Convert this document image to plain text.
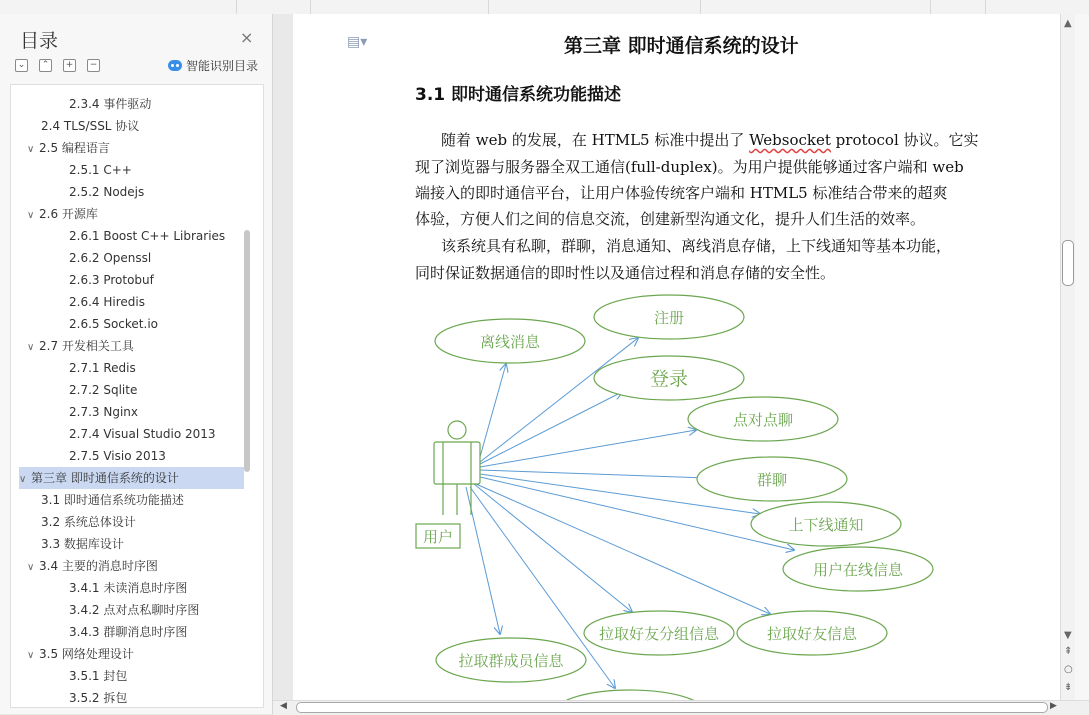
目录	×
⌄	⌃	+	−	智能识别目录
2.3.4 事件驱动
2.4 TLS/SSL 协议
∨ 2.5 编程语言
2.5.1 C++
2.5.2 Nodejs
∨ 2.6 开源库
2.6.1 Boost C++ Libraries
2.6.2 Openssl
2.6.3 Protobuf
2.6.4 Hiredis
2.6.5 Socket.io
∨ 2.7 开发相关工具
2.7.1 Redis
2.7.2 Sqlite
2.7.3 Nginx
2.7.4 Visual Studio 2013
2.7.5 Visio 2013
∨ 第三章 即时通信系统的设计
3.1 即时通信系统功能描述
3.2 系统总体设计
3.3 数据库设计
∨ 3.4 主要的消息时序图
3.4.1 未读消息时序图
3.4.2 点对点私聊时序图
3.4.3 群聊消息时序图
∨ 3.5 网络处理设计
3.5.1 封包
3.5.2 拆包
▤▾	第三章 即时通信系统的设计
3.1 即时通信系统功能描述
随着 web 的发展，在 HTML5 标准中提出了 Websocket protocol 协议。它实
现了浏览器与服务器全双工通信(full-duplex)。为用户提供能够通过客户端和 web
端接入的即时通信平台，让用户体验传统客户端和 HTML5 标准结合带来的超爽
体验，方便人们之间的信息交流，创建新型沟通文化，提升人们生活的效率。
该系统具有私聊，群聊，消息通知、离线消息存储，上下线通知等基本功能，
同时保证数据通信的即时性以及通信过程和消息存储的安全性。
用户
离线消息
注册
登录
点对点聊
群聊
上下线通知
用户在线信息
拉取好友分组信息	拉取好友信息
拉取群成员信息
▲
▼
⇞
○
⇟
◀	▶
